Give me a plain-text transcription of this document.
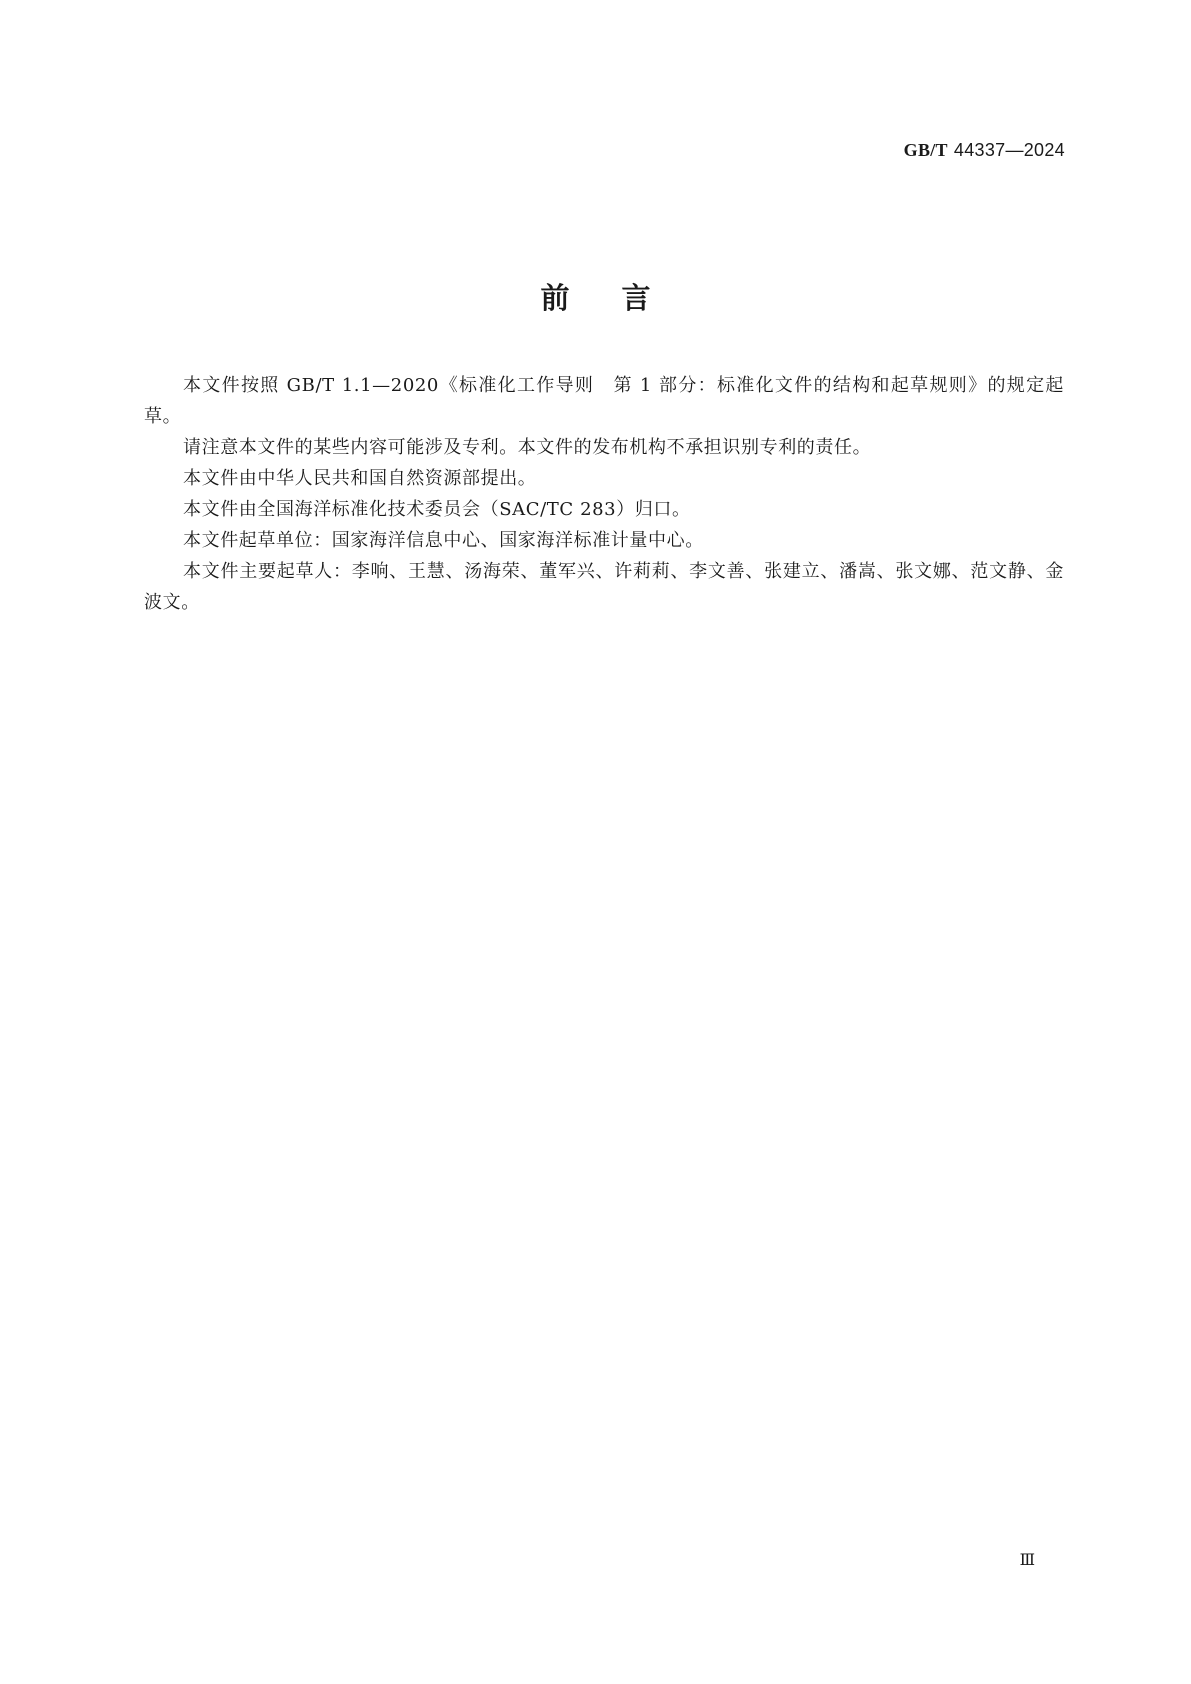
GB/T 44337—2024
前言

本文件按照 GB/T 1.1—2020《标准化工作导则　第 1 部分：标准化文件的结构和起草规则》的规定起草。

请注意本文件的某些内容可能涉及专利。本文件的发布机构不承担识别专利的责任。

本文件由中华人民共和国自然资源部提出。

本文件由全国海洋标准化技术委员会（SAC/TC 283）归口。

本文件起草单位：国家海洋信息中心、国家海洋标准计量中心。

本文件主要起草人：李响、王慧、汤海荣、董军兴、许莉莉、李文善、张建立、潘嵩、张文娜、范文静、金波文。

Ⅲ
